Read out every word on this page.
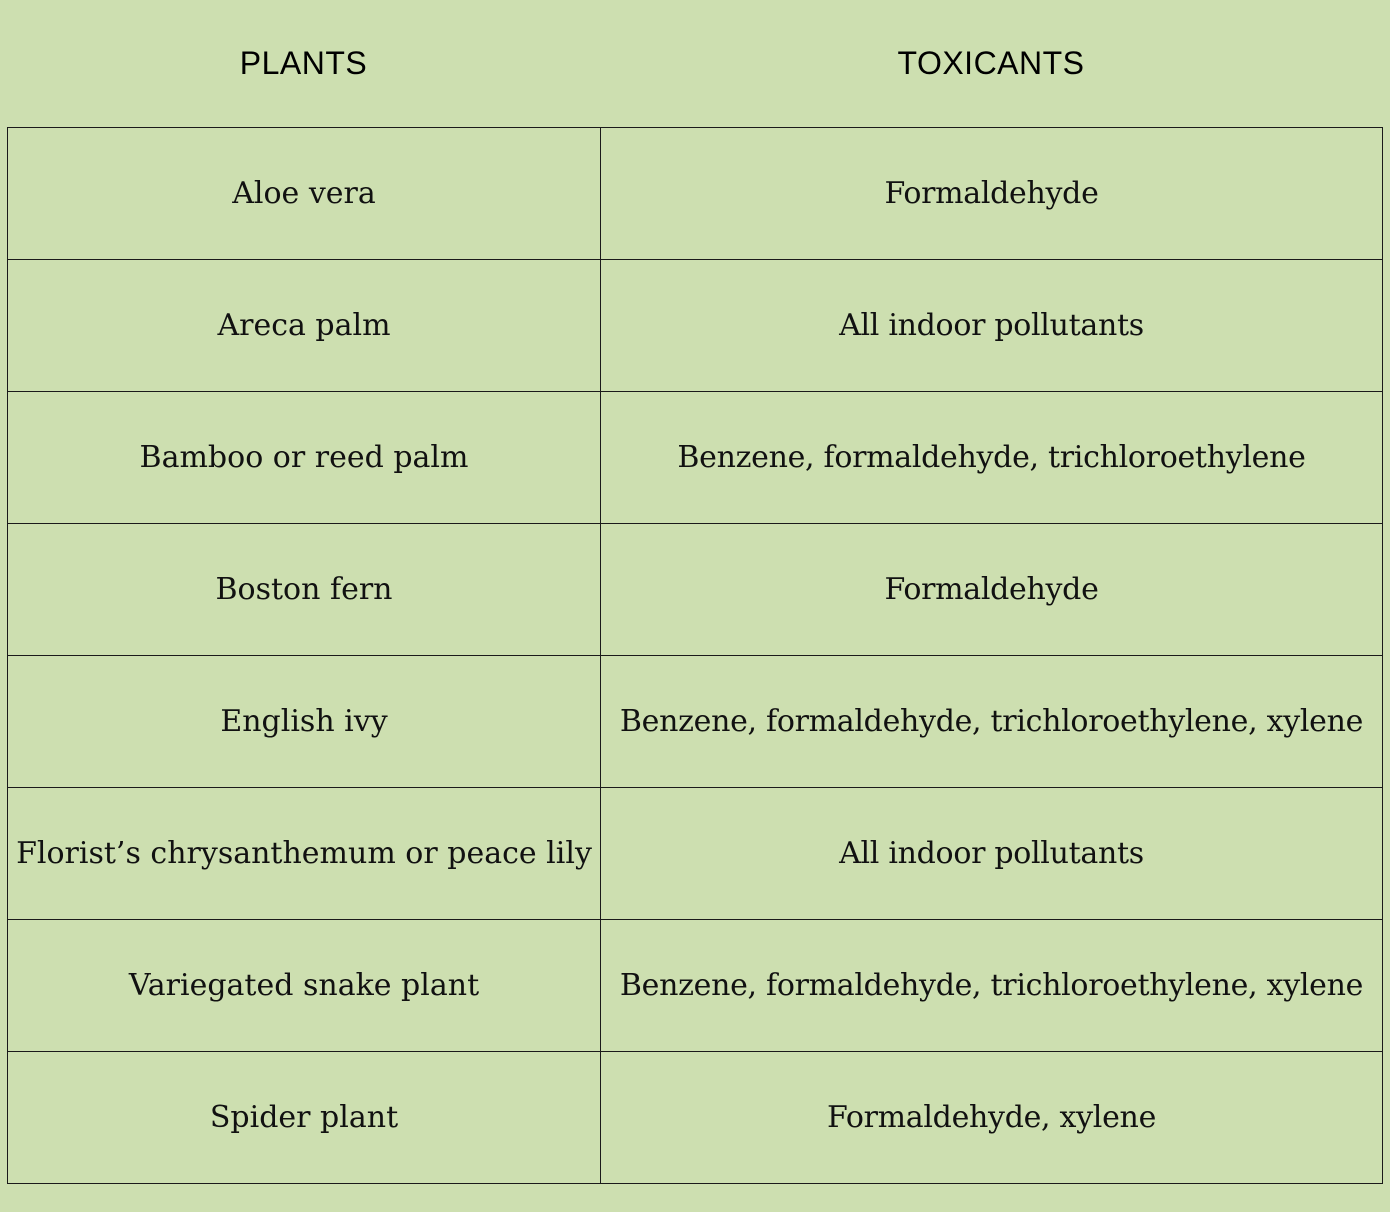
PLANTS	TOXICANTS
Aloe vera	Formaldehyde
Areca palm	All indoor pollutants
Bamboo or reed palm	Benzene, formaldehyde, trichloroethylene
Boston fern	Formaldehyde
English ivy	Benzene, formaldehyde, trichloroethylene, xylene
Florist’s chrysanthemum or peace lily	All indoor pollutants
Variegated snake plant	Benzene, formaldehyde, trichloroethylene, xylene
Spider plant	Formaldehyde, xylene
